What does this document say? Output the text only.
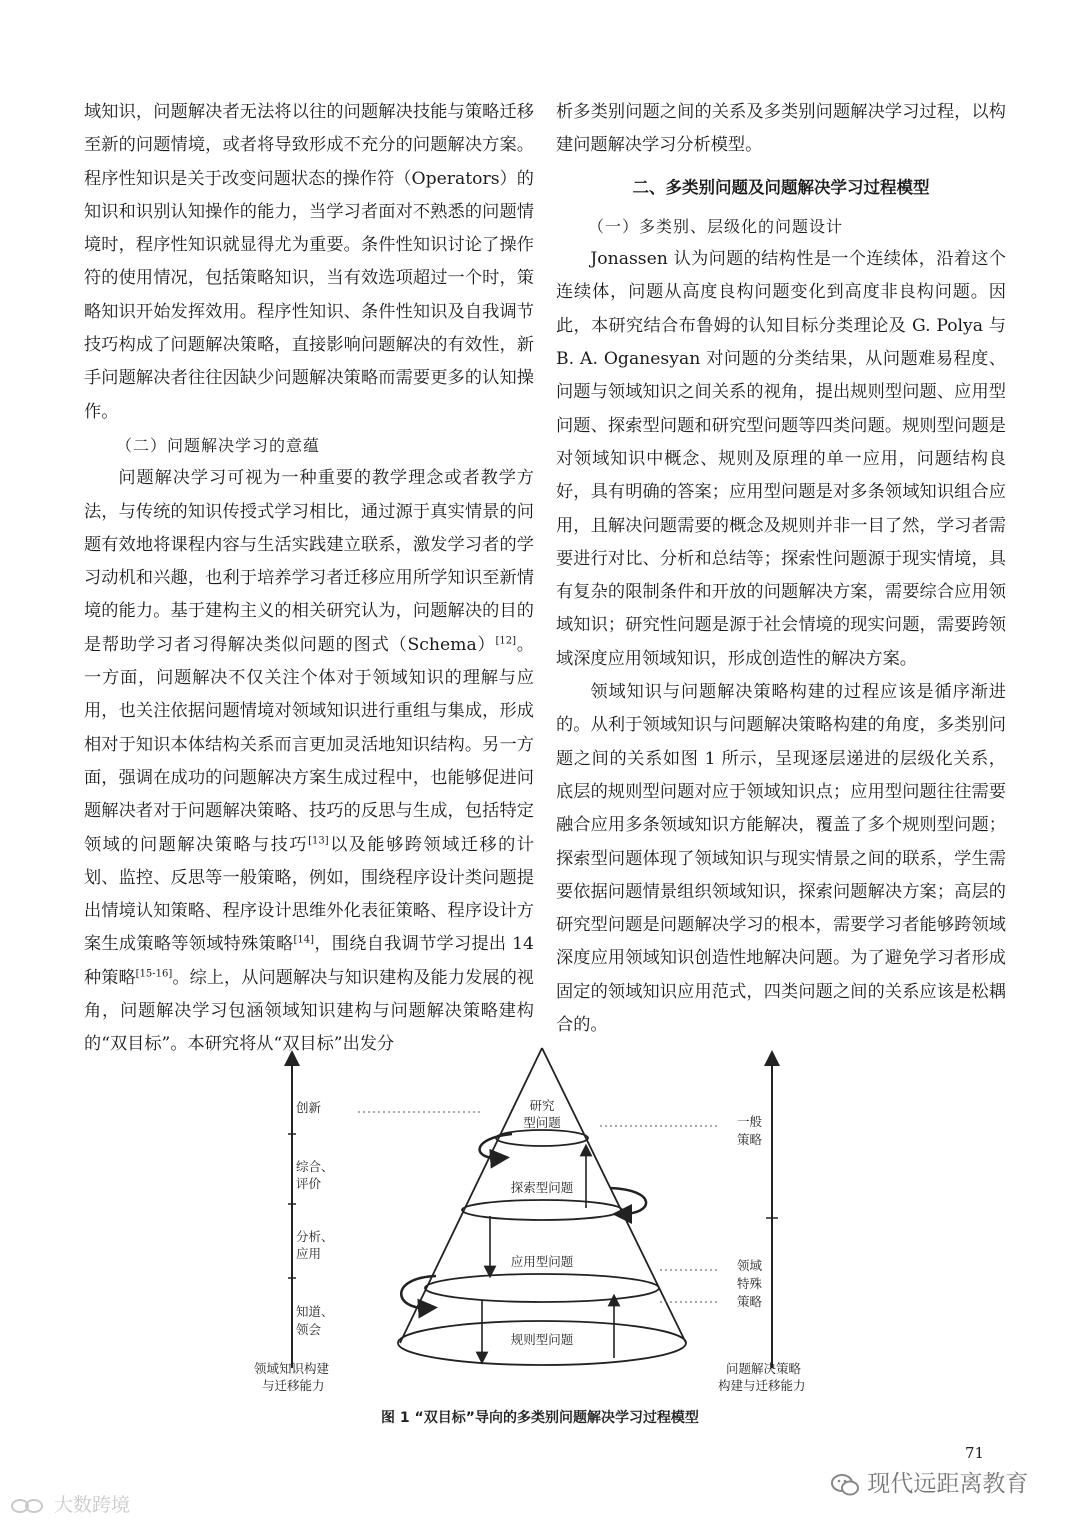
域知识，问题解决者无法将以往的问题解决技能与策略迁移至新的问题情境，或者将导致形成不充分的问题解决方案。程序性知识是关于改变问题状态的操作符（Operators）的知识和识别认知操作的能力，当学习者面对不熟悉的问题情境时，程序性知识就显得尤为重要。条件性知识讨论了操作符的使用情况，包括策略知识，当有效选项超过一个时，策略知识开始发挥效用。程序性知识、条件性知识及自我调节技巧构成了问题解决策略，直接影响问题解决的有效性，新手问题解决者往往因缺少问题解决策略而需要更多的认知操作。

（二）问题解决学习的意蕴

问题解决学习可视为一种重要的教学理念或者教学方法，与传统的知识传授式学习相比，通过源于真实情景的问题有效地将课程内容与生活实践建立联系，激发学习者的学习动机和兴趣，也利于培养学习者迁移应用所学知识至新情境的能力。基于建构主义的相关研究认为，问题解决的目的是帮助学习者习得解决类似问题的图式（Schema）[12]。一方面，问题解决不仅关注个体对于领域知识的理解与应用，也关注依据问题情境对领域知识进行重组与集成，形成相对于知识本体结构关系而言更加灵活地知识结构。另一方面，强调在成功的问题解决方案生成过程中，也能够促进问题解决者对于问题解决策略、技巧的反思与生成，包括特定领域的问题解决策略与技巧[13]以及能够跨领域迁移的计划、监控、反思等一般策略，例如，围绕程序设计类问题提出情境认知策略、程序设计思维外化表征策略、程序设计方案生成策略等领域特殊策略[14]，围绕自我调节学习提出 14 种策略[15-16]。综上，从问题解决与知识建构及能力发展的视角，问题解决学习包涵领域知识建构与问题解决策略建构的“双目标”。本研究将从“双目标”出发分

析多类别问题之间的关系及多类别问题解决学习过程，以构建问题解决学习分析模型。

二、多类别问题及问题解决学习过程模型

（一）多类别、层级化的问题设计

Jonassen 认为问题的结构性是一个连续体，沿着这个连续体，问题从高度良构问题变化到高度非良构问题。因此，本研究结合布鲁姆的认知目标分类理论及 G. Polya 与 B. A. Oganesyan 对问题的分类结果，从问题难易程度、问题与领域知识之间关系的视角，提出规则型问题、应用型问题、探索型问题和研究型问题等四类问题。规则型问题是对领域知识中概念、规则及原理的单一应用，问题结构良好，具有明确的答案；应用型问题是对多条领域知识组合应用，且解决问题需要的概念及规则并非一目了然，学习者需要进行对比、分析和总结等；探索性问题源于现实情境，具有复杂的限制条件和开放的问题解决方案，需要综合应用领域知识；研究性问题是源于社会情境的现实问题，需要跨领域深度应用领域知识，形成创造性的解决方案。

领域知识与问题解决策略构建的过程应该是循序渐进的。从利于领域知识与问题解决策略构建的角度，多类别问题之间的关系如图 1 所示，呈现逐层递进的层级化关系，底层的规则型问题对应于领域知识点；应用型问题往往需要融合应用多条领域知识方能解决，覆盖了多个规则型问题；探索型问题体现了领域知识与现实情景之间的联系，学生需要依据问题情景组织领域知识，探索问题解决方案；高层的研究型问题是问题解决学习的根本，需要学习者能够跨领域深度应用领域知识创造性地解决问题。为了避免学习者形成固定的领域知识应用范式，四类问题之间的关系应该是松耦合的。

创新
综合、
评价
分析、
应用
知道、
领会
领域知识构建
与迁移能力
研究
型问题
探索型问题
应用型问题
规则型问题
一般
策略
领域
特殊
策略
问题解决策略
构建与迁移能力
图 1 “双目标”导向的多类别问题解决学习过程模型
71
大数跨境
现代远距离教育
